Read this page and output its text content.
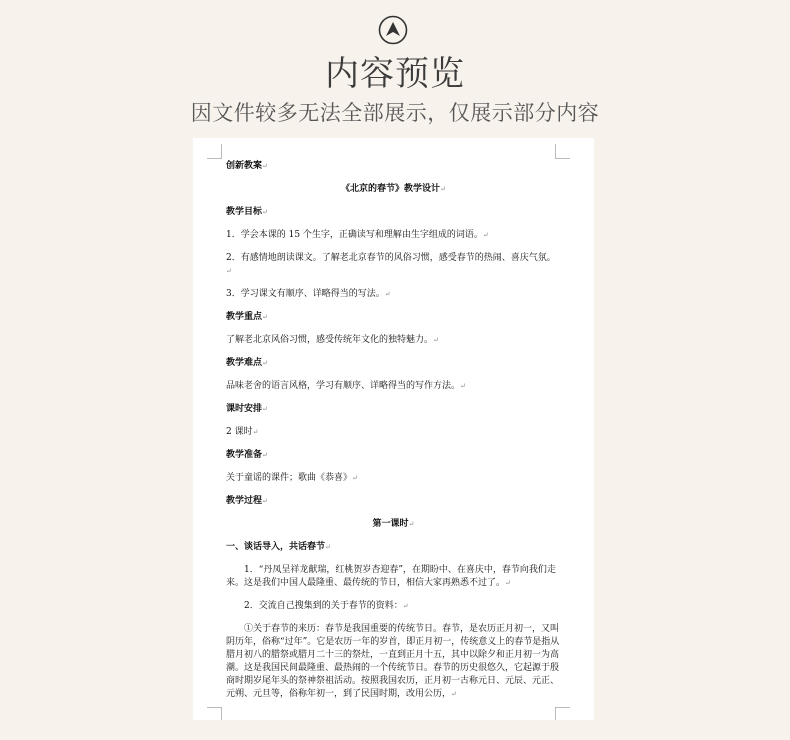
内容预览
因文件较多无法全部展示，仅展示部分内容
创新教案↵
《北京的春节》教学设计↵
教学目标↵
1．学会本课的 15 个生字，正确读写和理解由生字组成的词语。↵
2．有感情地朗读课文。了解老北京春节的风俗习惯，感受春节的热闹、喜庆气氛。↵
3．学习课文有顺序、详略得当的写法。↵
教学重点↵
了解老北京风俗习惯，感受传统年文化的独特魅力。↵
教学难点↵
品味老舍的语言风格，学习有顺序、详略得当的写作方法。↵
课时安排↵
2 课时↵
教学准备↵
关于童谣的课件；歌曲《恭喜》↵
教学过程↵
第一课时↵
一、谈话导入，共话春节↵
1．“丹凤呈祥龙献瑞，红桃贺岁杏迎春”，在期盼中、在喜庆中，春节向我们走来。这是我们中国人最隆重、最传统的节日，相信大家再熟悉不过了。↵
2．交流自己搜集到的关于春节的资料：↵
①关于春节的来历：春节是我国重要的传统节日。春节，是农历正月初一，又叫阴历年，俗称“过年”。它是农历一年的岁首，即正月初一，传统意义上的春节是指从腊月初八的腊祭或腊月二十三的祭灶，一直到正月十五，其中以除夕和正月初一为高潮。这是我国民间最隆重、最热闹的一个传统节日。春节的历史很悠久，它起源于殷商时期岁尾年头的祭神祭祖活动。按照我国农历，正月初一古称元日、元辰、元正、元朔、元旦等，俗称年初一，到了民国时期，改用公历，↵
